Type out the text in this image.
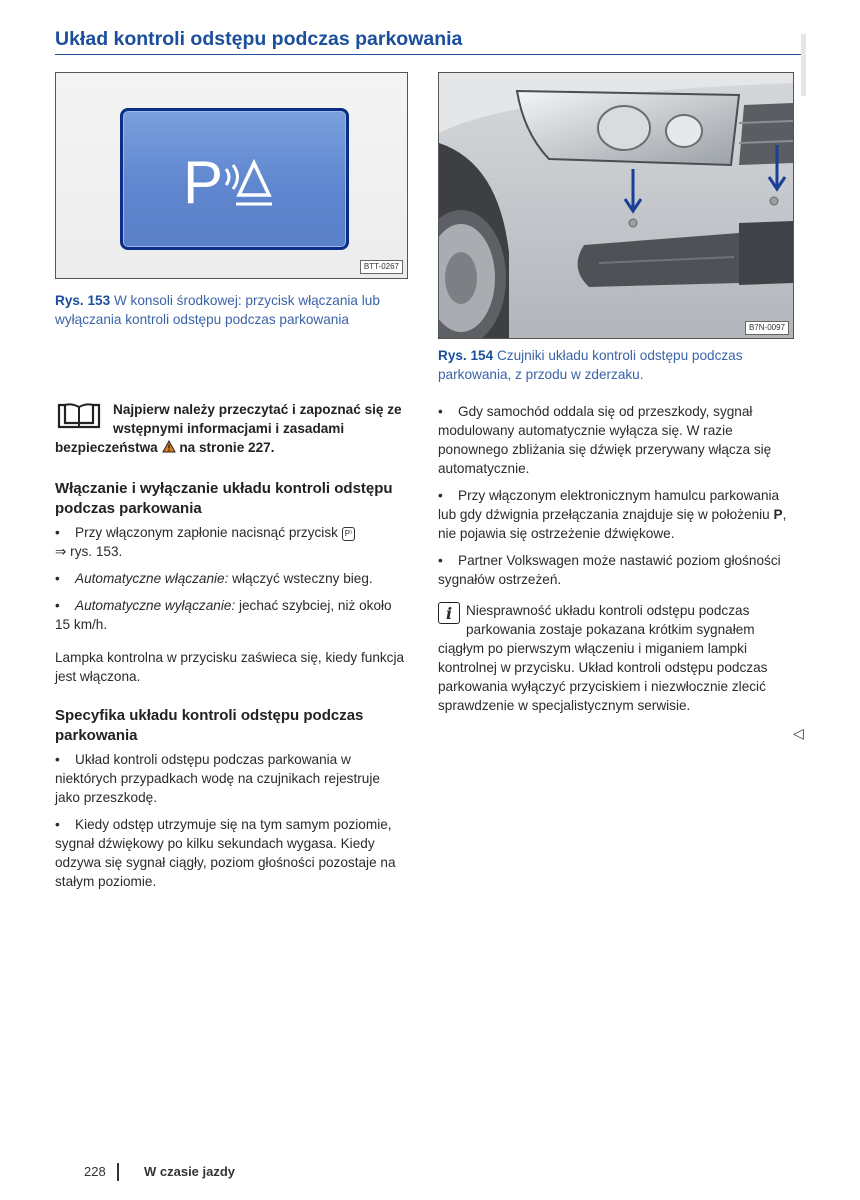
Układ kontroli odstępu podczas parkowania
P
BTT-0267
Rys. 153 W konsoli środkowej: przycisk włączania lub wyłączania kontroli odstępu podczas parkowania
B7N-0097
Rys. 154 Czujniki układu kontroli odstępu podczas parkowania, z przodu w zderzaku.
Najpierw należy przeczytać i zapoznać się ze wstępnymi informacjami i zasadami bezpieczeństwa na stronie 227.
Włączanie i wyłączanie układu kontroli odstępu podczas parkowania
• Przy włączonym zapłonie nacisnąć przycisk P⁾
⇒ rys. 153.
• Automatyczne włączanie: włączyć wsteczny bieg.
• Automatyczne wyłączanie: jechać szybciej, niż około 15 km/h.
Lampka kontrolna w przycisku zaświeca się, kiedy funkcja jest włączona.
Specyfika układu kontroli odstępu podczas parkowania
• Układ kontroli odstępu podczas parkowania w niektórych przypadkach wodę na czujnikach rejestruje jako przeszkodę.
• Kiedy odstęp utrzymuje się na tym samym poziomie, sygnał dźwiękowy po kilku sekundach wygasa. Kiedy odzywa się sygnał ciągły, poziom głośności pozostaje na stałym poziomie.
• Gdy samochód oddala się od przeszkody, sygnał modulowany automatycznie wyłącza się. W razie ponownego zbliżania się dźwięk przerywany włącza się automatycznie.
• Przy włączonym elektronicznym hamulcu parkowania lub gdy dźwignia przełączania znajduje się w położeniu P, nie pojawia się ostrzeżenie dźwiękowe.
• Partner Volkswagen może nastawić poziom głośności sygnałów ostrzeżeń.
i	Niesprawność układu kontroli odstępu podczas parkowania zostaje pokazana krótkim sygnałem ciągłym po pierwszym włączeniu i miganiem lampki kontrolnej w przycisku. Układ kontroli odstępu podczas parkowania wyłączyć przyciskiem i niezwłocznie zlecić sprawdzenie w specjalistycznym serwisie.
◁
228	W czasie jazdy
